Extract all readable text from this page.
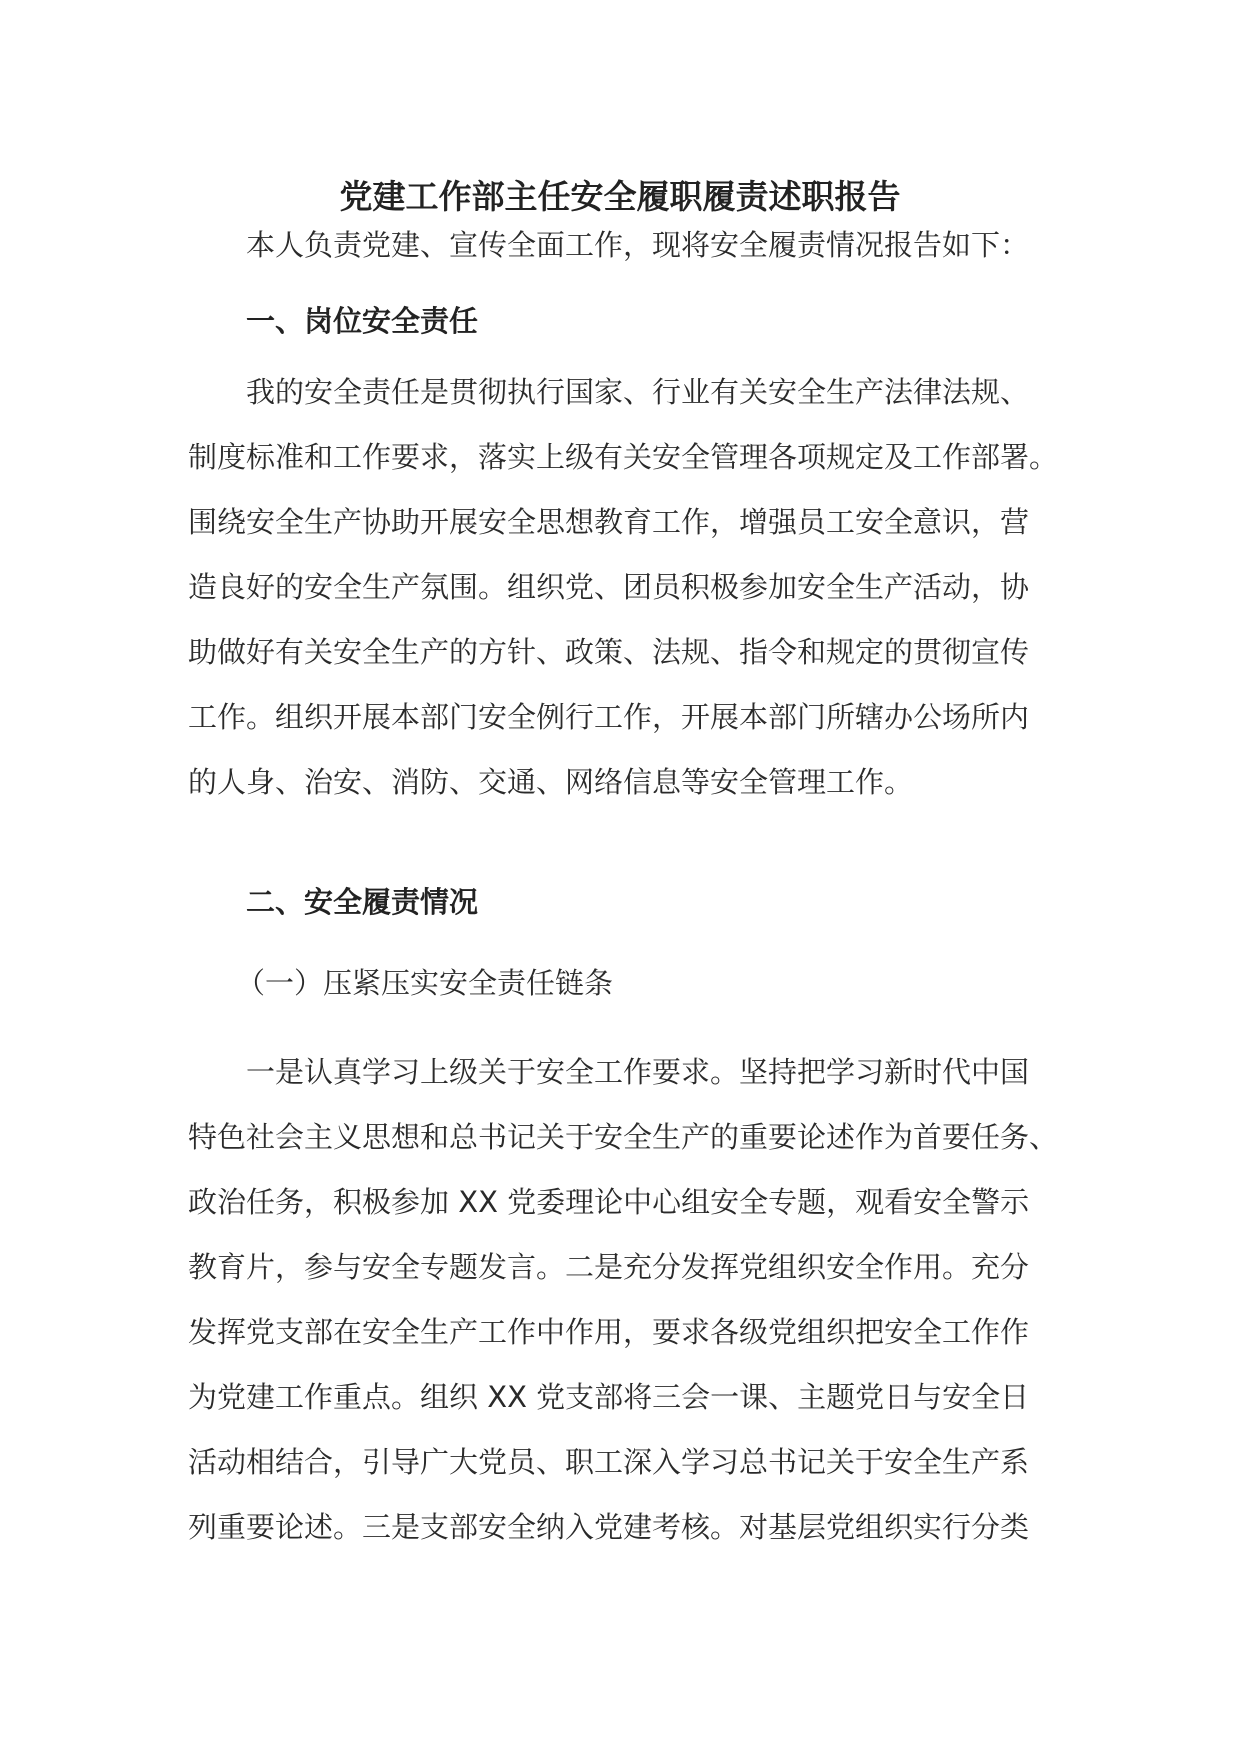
党建工作部主任安全履职履责述职报告
本人负责党建、宣传全面工作，现将安全履责情况报告如下：
一、岗位安全责任
我的安全责任是贯彻执行国家、行业有关安全生产法律法规、
制度标准和工作要求，落实上级有关安全管理各项规定及工作部署。
围绕安全生产协助开展安全思想教育工作，增强员工安全意识，营
造良好的安全生产氛围。组织党、团员积极参加安全生产活动，协
助做好有关安全生产的方针、政策、法规、指令和规定的贯彻宣传
工作。组织开展本部门安全例行工作，开展本部门所辖办公场所内
的人身、治安、消防、交通、网络信息等安全管理工作。
二、安全履责情况
（一）压紧压实安全责任链条
一是认真学习上级关于安全工作要求。坚持把学习新时代中国
特色社会主义思想和总书记关于安全生产的重要论述作为首要任务、
政治任务，积极参加 XX 党委理论中心组安全专题，观看安全警示
教育片，参与安全专题发言。二是充分发挥党组织安全作用。充分
发挥党支部在安全生产工作中作用，要求各级党组织把安全工作作
为党建工作重点。组织 XX 党支部将三会一课、主题党日与安全日
活动相结合，引导广大党员、职工深入学习总书记关于安全生产系
列重要论述。三是支部安全纳入党建考核。对基层党组织实行分类
